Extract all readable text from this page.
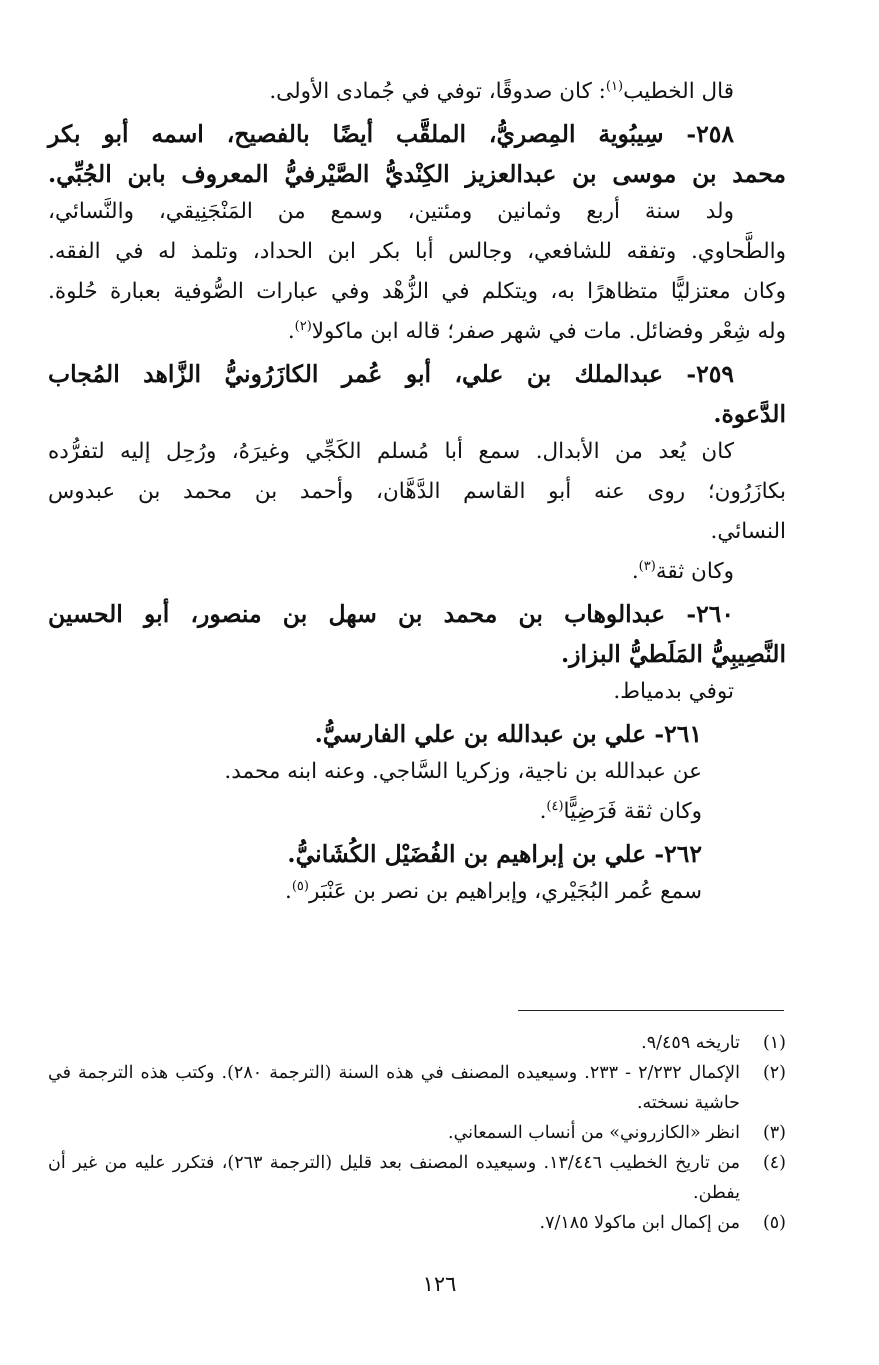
قال الخطيب$^{(١)}$: كان صدوقًا، توفي في جُمادى الأولى.
٢٥٨- سِيبُوية المِصريُّ، الملقَّب أيضًا بالفصيح، اسمه أبو بكر
محمد بن موسى بن عبدالعزيز الكِنْديُّ الصَّيْرفيُّ المعروف بابن الجُبِّي.
ولد سنة أربع وثمانين ومئتين، وسمع من المَنْجَنِيقي، والنَّسائي،
والطَّحاوي. وتفقه للشافعي، وجالس أبا بكر ابن الحداد، وتلمذ له في الفقه.
وكان معتزليًّا متظاهرًا به، ويتكلم في الزُّهْد وفي عبارات الصُّوفية بعبارة حُلوة.
وله شِعْر وفضائل. مات في شهر صفر؛ قاله ابن ماكولا$^{(٢)}$.
٢٥٩- عبدالملك بن علي، أبو عُمر الكازَرُونيُّ الزَّاهد المُجاب
الدَّعوة.
كان يُعد من الأبدال. سمع أبا مُسلم الكَجِّي وغيرَهُ، ورُحِل إليه لتفرُّده
بكازَرُون؛ روى عنه أبو القاسم الدَّهَّان، وأحمد بن محمد بن عبدوس
النسائي.
وكان ثقة$^{(٣)}$.
٢٦٠- عبدالوهاب بن محمد بن سهل بن منصور، أبو الحسين
النَّصِيبِيُّ المَلَطيُّ البزاز.
توفي بدمياط.
٢٦١- علي بن عبدالله بن علي الفارسيُّ.
عن عبدالله بن ناجية، وزكريا السَّاجي. وعنه ابنه محمد.
وكان ثقة فَرَضِيًّا$^{(٤)}$.
٢٦٢- علي بن إبراهيم بن الفُضَيْل الكُشَانيُّ.
سمع عُمر البُجَيْري، وإبراهيم بن نصر بن عَنْبَر$^{(٥)}$.
(١)
تاريخه ٩/٤٥٩.
(٢)
الإكمال ٢/٢٣٢ - ٢٣٣. وسيعيده المصنف في هذه السنة (الترجمة ٢٨٠). وكتب هذه الترجمة في حاشية نسخته.
(٣)
انظر «الكازروني» من أنساب السمعاني.
(٤)
من تاريخ الخطيب ١٣/٤٤٦. وسيعيده المصنف بعد قليل (الترجمة ٢٦٣)، فتكرر عليه من غير أن يفطن.
(٥)
من إكمال ابن ماكولا ٧/١٨٥.
١٢٦
